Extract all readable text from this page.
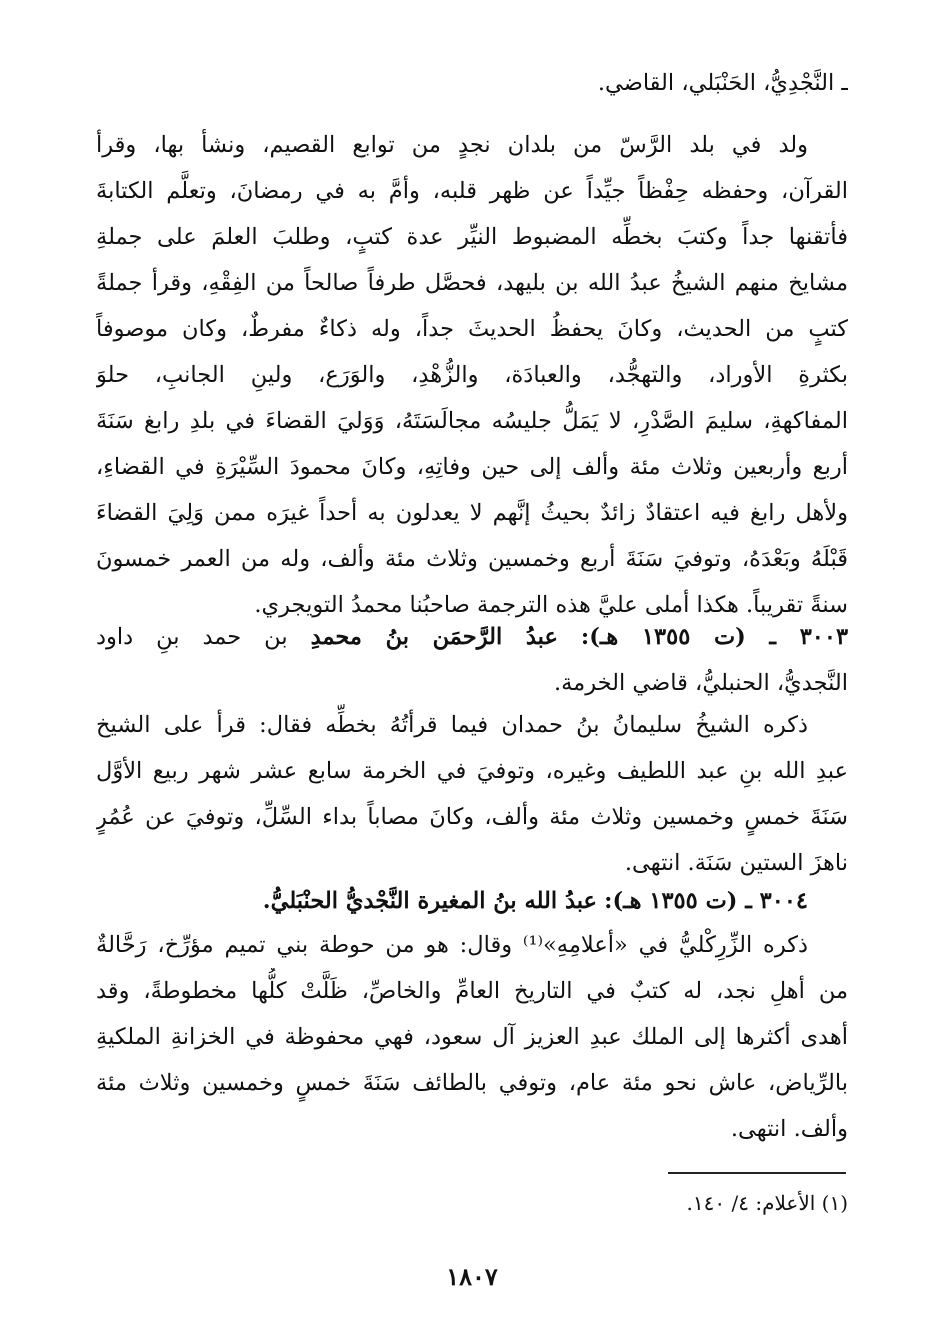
ـ النَّجْدِيُّ، الحَنْبَلي، القاضي.
ولد في بلد الرَّسّ من بلدان نجدٍ من توابع القصيم، ونشأ بها، وقرأ
القرآن، وحفظه حِفْظاً جيِّداً عن ظهر قلبه، وأمَّ به في رمضانَ، وتعلَّم الكتابةَ
فأتقنها جداً وكتبَ بخطِّه المضبوط النيِّر عدة كتبٍ، وطلبَ العلمَ على جملةِ
مشايخ منهم الشيخُ عبدُ الله بن بليهد، فحصَّل طرفاً صالحاً من الفِقْهِ، وقرأ جملةً
كتبٍ من الحديث، وكانَ يحفظُ الحديثَ جداً، وله ذكاءٌ مفرطٌ، وكان موصوفاً
بكثرةِ الأوراد، والتهجُّد، والعبادَة، والزُّهْدِ، والوَرَع، ولينِ الجانبِ، حلوَ
المفاكهةِ، سليمَ الصَّدْرِ، لا يَمَلُّ جليسُه مجالَسَتَهُ، وَوَليَ القضاءَ في بلدِ رابغ سَنَةَ
أربع وأربعين وثلاث مئة وألف إلى حين وفاتِهِ، وكانَ محمودَ السِّيْرَةِ في القضاءِ،
ولأهل رابغ فيه اعتقادٌ زائدٌ بحيثُ إنَّهم لا يعدلون به أحداً غيرَه ممن وَلِيَ القضاءَ
قَبْلَهُ وبَعْدَهُ، وتوفيَ سَنَةَ أربع وخمسين وثلاث مئة وألف، وله من العمر خمسونَ
سنةً تقريباً. هكذا أملى عليَّ هذه الترجمة صاحبُنا محمدُ التويجري.
٣٠٠٣ ـ (ت ١٣٥٥ هـ): عبدُ الرَّحمَن بنُ محمدِ بن حمد بنِ داود
النَّجديُّ، الحنبليُّ، قاضي الخرمة.
ذكره الشيخُ سليمانُ بنُ حمدان فيما قرأتُهُ بخطِّه فقال: قرأ على الشيخ
عبدِ الله بنِ عبد اللطيف وغيره، وتوفيَ في الخرمة سابع عشر شهر ربيع الأوَّل
سَنَةَ خمسٍ وخمسين وثلاث مئة وألف، وكانَ مصاباً بداء السِّلِّ، وتوفيَ عن عُمُرٍ
ناهزَ الستين سَنَة. انتهى.
٣٠٠٤ ـ (ت ١٣٥٥ هـ): عبدُ الله بنُ المغيرة النَّجْديُّ الحنْبَليُّ.
ذكره الزِّرِكْليُّ في «أعلامِهِ»⁽¹⁾ وقال: هو من حوطة بني تميم مؤرِّخ، رَحَّالةٌ
من أهلِ نجد، له كتبٌ في التاريخ العامِّ والخاصِّ، ظَلَّتْ كلُّها مخطوطةً، وقد
أهدى أكثرها إلى الملك عبدِ العزيز آل سعود، فهي محفوظة في الخزانةِ الملكيةِ
بالرِّياض، عاش نحو مئة عام، وتوفي بالطائف سَنَةَ خمسٍ وخمسين وثلاث مئة
وألف. انتهى.
(١) الأعلام: ٤/ ١٤٠.
١٨٠٧
